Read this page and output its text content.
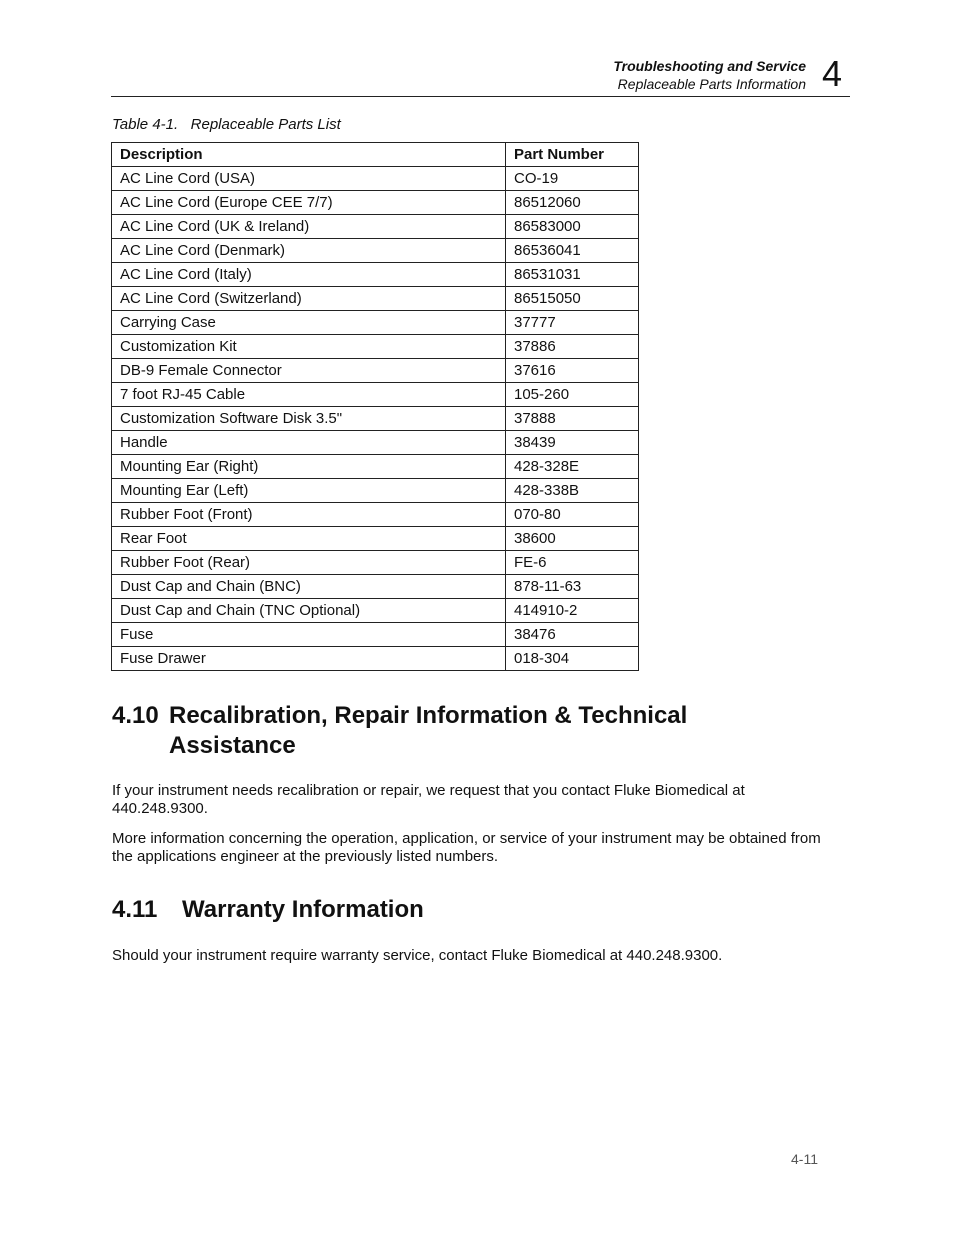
Troubleshooting and Service
Replaceable Parts Information 4
Table 4-1.   Replaceable Parts List
Description	Part Number
AC Line Cord (USA)	CO-19
AC Line Cord (Europe CEE 7/7)	86512060
AC Line Cord (UK & Ireland)	86583000
AC Line Cord (Denmark)	86536041
AC Line Cord (Italy)	86531031
AC Line Cord (Switzerland)	86515050
Carrying Case	37777
Customization Kit	37886
DB-9 Female Connector	37616
7 foot RJ-45 Cable	105-260
Customization Software Disk 3.5"	37888
Handle	38439
Mounting Ear (Right)	428-328E
Mounting Ear (Left)	428-338B
Rubber Foot (Front)	070-80
Rear Foot	38600
Rubber Foot (Rear)	FE-6
Dust Cap and Chain (BNC)	878-11-63
Dust Cap and Chain (TNC Optional)	414910-2
Fuse	38476
Fuse Drawer	018-304
4.10 Recalibration, Repair Information & Technical
Assistance
If your instrument needs recalibration or repair, we request that you contact Fluke Biomedical at 440.248.9300.
More information concerning the operation, application, or service of your instrument may be obtained from the applications engineer at the previously listed numbers.
4.11 Warranty Information
Should your instrument require warranty service, contact Fluke Biomedical at 440.248.9300.
4-11
